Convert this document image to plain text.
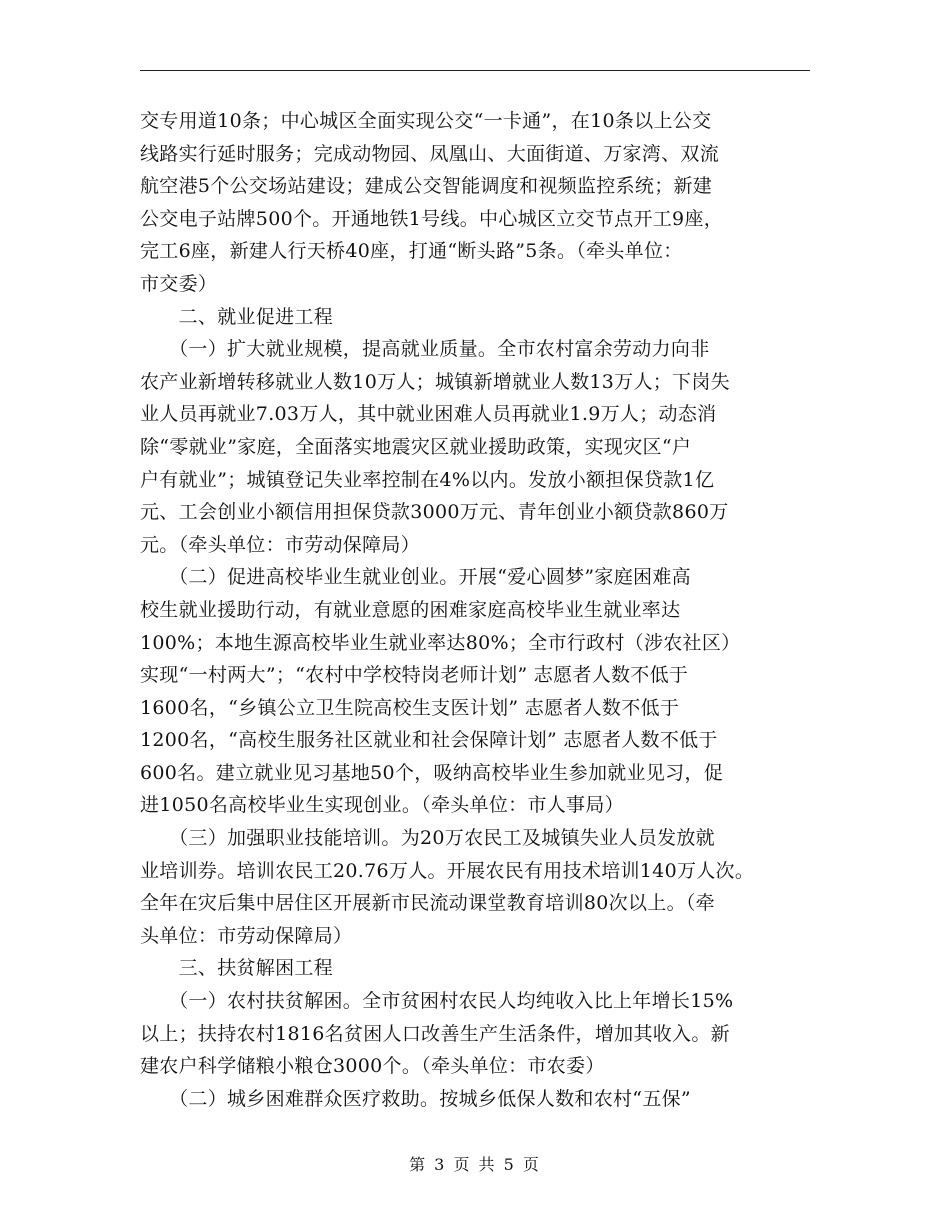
交专用道10条；中心城区全面实现公交“一卡通”，在10条以上公交
线路实行延时服务；完成动物园、凤凰山、大面街道、万家湾、双流
航空港5个公交场站建设；建成公交智能调度和视频监控系统；新建
公交电子站牌500个。开通地铁1号线。中心城区立交节点开工9座，
完工6座，新建人行天桥40座，打通“断头路”5条。（牵头单位：
市交委）
　　二、就业促进工程
　　（一）扩大就业规模，提高就业质量。全市农村富余劳动力向非
农产业新增转移就业人数10万人；城镇新增就业人数13万人；下岗失
业人员再就业7.03万人，其中就业困难人员再就业1.9万人；动态消
除“零就业”家庭，全面落实地震灾区就业援助政策，实现灾区“户
户有就业”；城镇登记失业率控制在4%以内。发放小额担保贷款1亿
元、工会创业小额信用担保贷款3000万元、青年创业小额贷款860万
元。（牵头单位：市劳动保障局）
　　（二）促进高校毕业生就业创业。开展“爱心圆梦”家庭困难高
校生就业援助行动，有就业意愿的困难家庭高校毕业生就业率达
100%；本地生源高校毕业生就业率达80%；全市行政村（涉农社区）
实现“一村两大”；“农村中学校特岗老师计划” 志愿者人数不低于
1600名，“乡镇公立卫生院高校生支医计划” 志愿者人数不低于
1200名，“高校生服务社区就业和社会保障计划” 志愿者人数不低于
600名。建立就业见习基地50个，吸纳高校毕业生参加就业见习，促
进1050名高校毕业生实现创业。（牵头单位：市人事局）
　　（三）加强职业技能培训。为20万农民工及城镇失业人员发放就
业培训券。培训农民工20.76万人。开展农民有用技术培训140万人次。
全年在灾后集中居住区开展新市民流动课堂教育培训80次以上。（牵
头单位：市劳动保障局）
　　三、扶贫解困工程
　　（一）农村扶贫解困。全市贫困村农民人均纯收入比上年增长15%
以上；扶持农村1816名贫困人口改善生产生活条件，增加其收入。新
建农户科学储粮小粮仓3000个。（牵头单位：市农委）
　　（二）城乡困难群众医疗救助。按城乡低保人数和农村“五保”
第 3 页 共 5 页
